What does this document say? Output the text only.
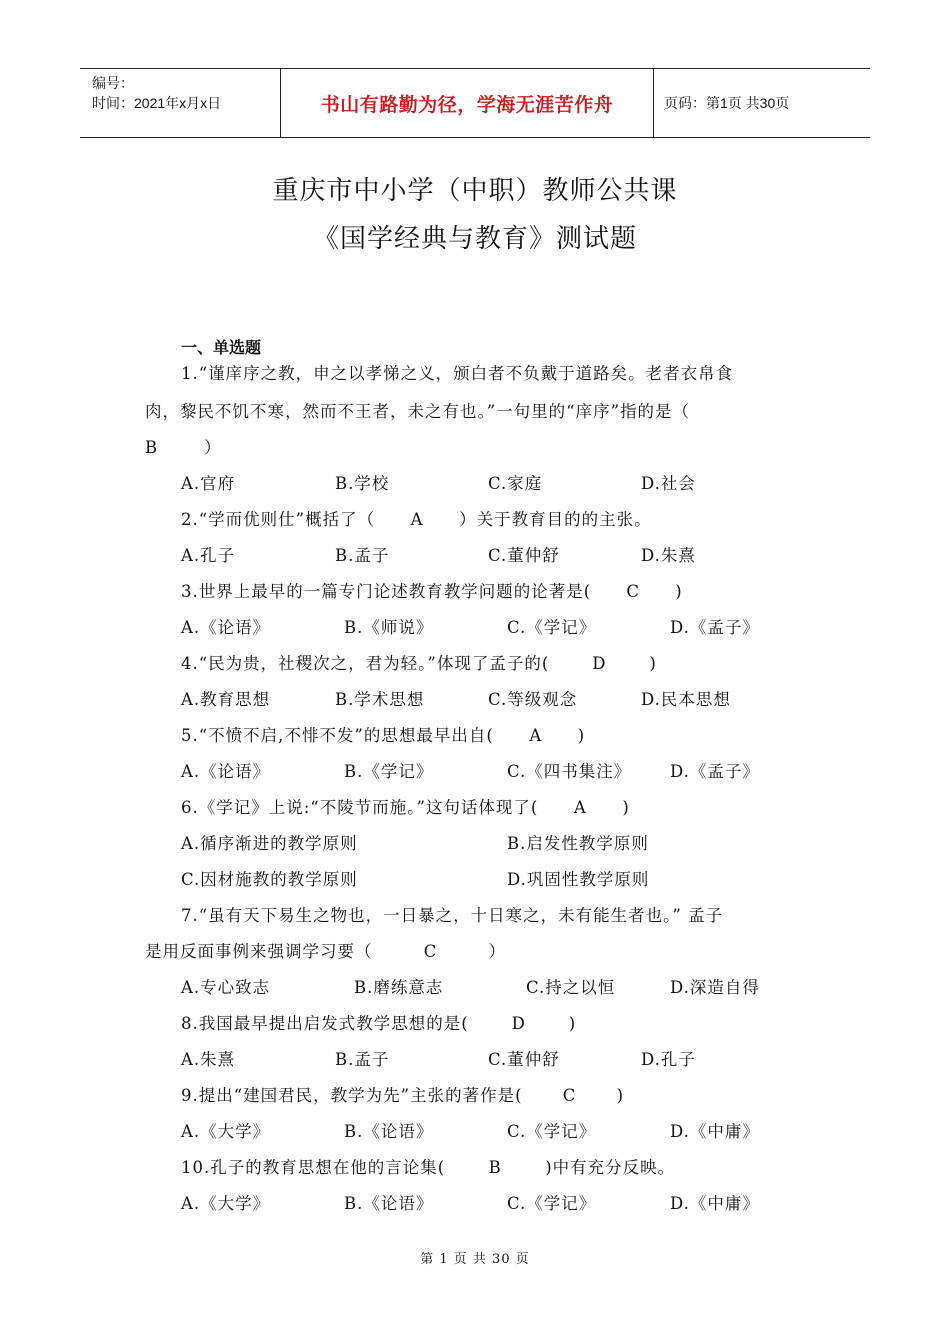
编号：
时间：2021年x月x日	书山有路勤为径，学海无涯苦作舟	页码：第1页 共30页
重庆市中小学（中职）教师公共课
《国学经典与教育》测试题
一、单选题
1.“谨庠序之教，申之以孝悌之义，颁白者不负戴于道路矣。老者衣帛食
肉，黎民不饥不寒，然而不王者，未之有也。”一句里的“庠序”指的是（
B	）
A.官府	B.学校	C.家庭	D.社会
2.“学而优则仕”概括了（ A ）关于教育目的的主张。
A.孔子	B.孟子	C.董仲舒	D.朱熹
3.世界上最早的一篇专门论述教育教学问题的论著是( C )
A.《论语》	B.《师说》	C.《学记》	D.《孟子》
4.“民为贵，社稷次之，君为轻。”体现了孟子的(	D	)
A.教育思想	B.学术思想	C.等级观念	D.民本思想
5.“不愤不启,不悱不发”的思想最早出自( A )
A.《论语》	B.《学记》	C.《四书集注》 D.《孟子》
6.《学记》上说:“不陵节而施。”这句话体现了( A )
A.循序渐进的教学原则	B.启发性教学原则
C.因材施教的教学原则	D.巩固性教学原则
7.“虽有天下易生之物也，一日暴之，十日寒之，未有能生者也。” 孟子
是用反面事例来强调学习要（	C	）
A.专心致志	B.磨练意志	C.持之以恒	D.深造自得
8.我国最早提出启发式教学思想的是(	D	)
A.朱熹	B.孟子	C.董仲舒	D.孔子
9.提出“建国君民，教学为先”主张的著作是( C )
A.《大学》	B.《论语》	C.《学记》	D.《中庸》
10.孔子的教育思想在他的言论集(	B	)中有充分反映。
A.《大学》	B.《论语》	C.《学记》	D.《中庸》
第 1 页 共 30 页
